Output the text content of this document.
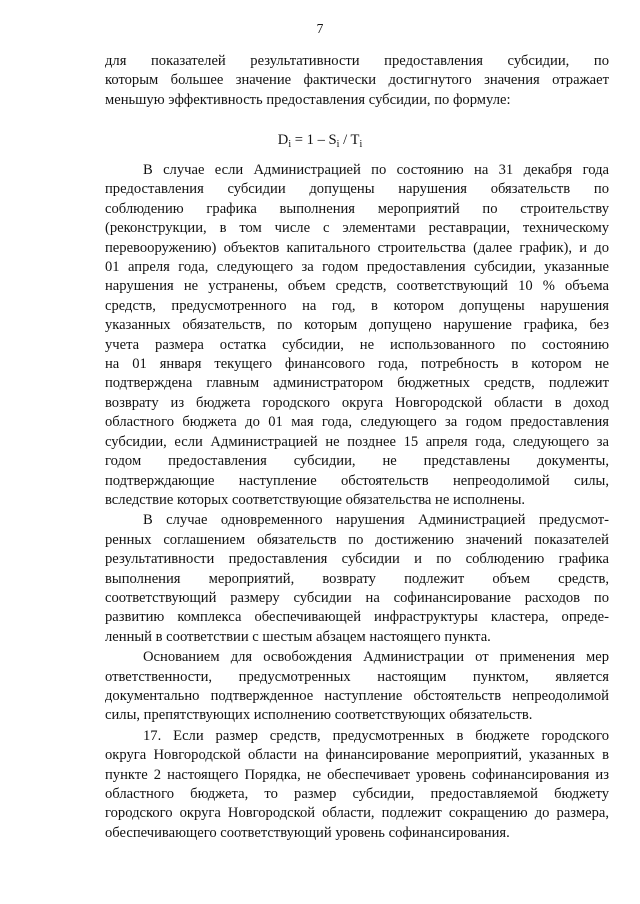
7
для показателей результативности предоставления субсидии, по
которым большее значение фактически достигнутого значения отражает
меньшую эффективность предоставления субсидии, по формуле:
$D_i = 1 - S_i / T_i$
В случае если Администрацией по состоянию на 31 декабря года
предоставления субсидии допущены нарушения обязательств по
соблюдению графика выполнения мероприятий по строительству
(реконструкции, в том числе с элементами реставрации, техническому
перевооружению) объектов капитального строительства (далее график), и до
01 апреля года, следующего за годом предоставления субсидии, указанные
нарушения не устранены, объем средств, соответствующий 10 % объема
средств, предусмотренного на год, в котором допущены нарушения
указанных обязательств, по которым допущено нарушение графика, без
учета размера остатка субсидии, не использованного по состоянию
на 01 января текущего финансового года, потребность в котором не
подтверждена главным администратором бюджетных средств, подлежит
возврату из бюджета городского округа Новгородской области в доход
областного бюджета до 01 мая года, следующего за годом предоставления
субсидии, если Администрацией не позднее 15 апреля года, следующего за
годом предоставления субсидии, не представлены документы,
подтверждающие наступление обстоятельств непреодолимой силы,
вследствие которых соответствующие обязательства не исполнены.
В случае одновременного нарушения Администрацией предусмот-
ренных соглашением обязательств по достижению значений показателей
результативности предоставления субсидии и по соблюдению графика
выполнения мероприятий, возврату подлежит объем средств,
соответствующий размеру субсидии на софинансирование расходов по
развитию комплекса обеспечивающей инфраструктуры кластера, опреде-
ленный в соответствии с шестым абзацем настоящего пункта.
Основанием для освобождения Администрации от применения мер
ответственности, предусмотренных настоящим пунктом, является
документально подтвержденное наступление обстоятельств непреодолимой
силы, препятствующих исполнению соответствующих обязательств.
17. Если размер средств, предусмотренных в бюджете городского
округа Новгородской области на финансирование мероприятий, указанных в
пункте 2 настоящего Порядка, не обеспечивает уровень софинансирования из
областного бюджета, то размер субсидии, предоставляемой бюджету
городского округа Новгородской области, подлежит сокращению до размера,
обеспечивающего соответствующий уровень софинансирования.
